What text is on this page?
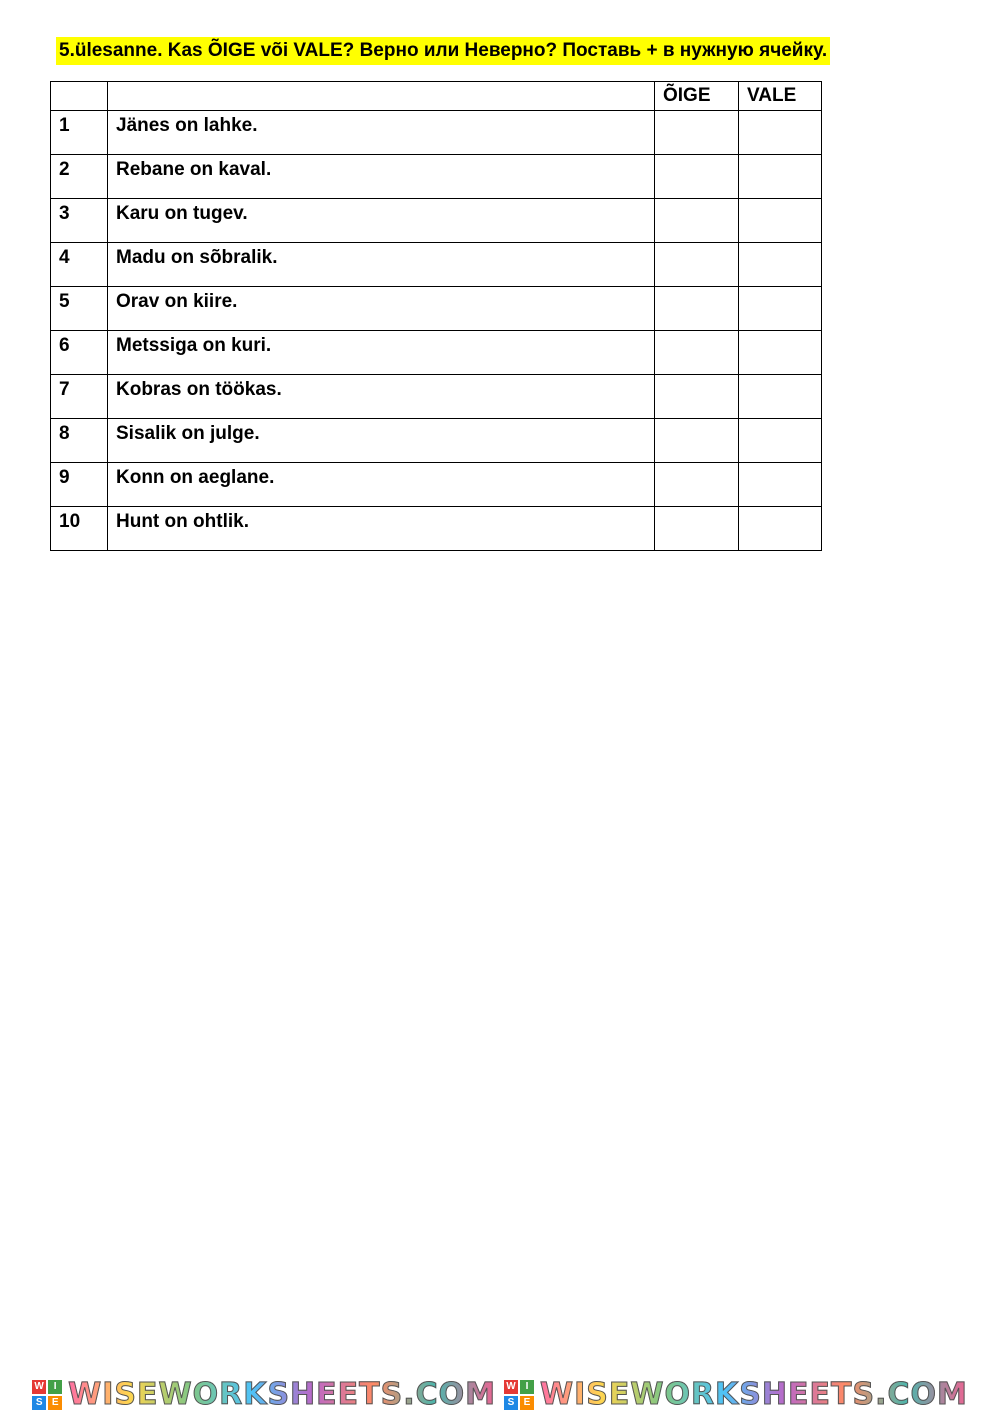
5.ülesanne. Kas ÕIGE või VALE? Верно или Неверно? Поставь + в нужную ячейку.
		ÕIGE	VALE
1	Jänes on lahke.		
2	Rebane on kaval.		
3	Karu on tugev.		
4	Madu on sõbralik.		
5	Orav on kiire.		
6	Metssiga on kuri.		
7	Kobras on töökas.		
8	Sisalik on julge.		
9	Konn on aeglane.		
10	Hunt on ohtlik.		
W I
S E WISEWORKSHEETS.COM W I
S E WISEWORKSHEETS.COM
